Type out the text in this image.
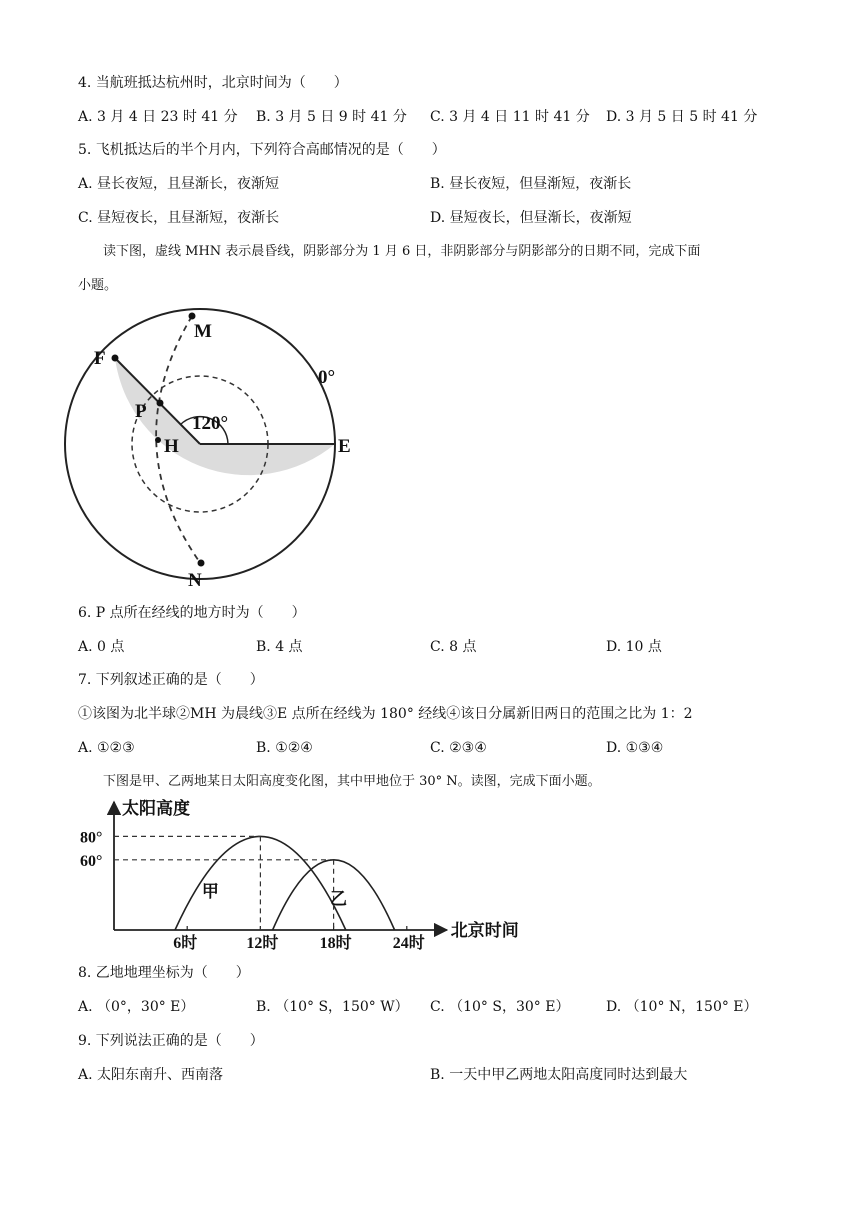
4. 当航班抵达杭州时，北京时间为（　　）
A. 3 月 4 日 23 时 41 分 B. 3 月 5 日 9 时 41 分 C. 3 月 4 日 11 时 41 分 D. 3 月 5 日 5 时 41 分
5. 飞机抵达后的半个月内，下列符合高邮情况的是（　　）
A. 昼长夜短，且昼渐长，夜渐短	B. 昼长夜短，但昼渐短，夜渐长
C. 昼短夜长，且昼渐短，夜渐长	D. 昼短夜长，但昼渐长，夜渐短
读下图，虚线 MHN 表示晨昏线，阴影部分为 1 月 6 日，非阴影部分与阴影部分的日期不同，完成下面
小题。
M
F
P
H	E
N
0°
120°
6. P 点所在经线的地方时为（　　）
A. 0 点	B. 4 点	C. 8 点	D. 10 点
7. 下列叙述正确的是（　　）
①该图为北半球②MH 为晨线③E 点所在经线为 180° 经线④该日分属新旧两日的范围之比为 1：2
A. ①②③	B. ①②④	C. ②③④	D. ①③④
下图是甲、乙两地某日太阳高度变化图，其中甲地位于 30° N。读图，完成下面小题。
太阳高度
北京时间
6时	12时	18时	24时
80°
60°
甲	乙
8. 乙地地理坐标为（　　）
A. （0°，30° E）	B. （10° S，150° W） C. （10° S，30° E）	D. （10° N，150° E）
9. 下列说法正确的是（　　）
A. 太阳东南升、西南落	B. 一天中甲乙两地太阳高度同时达到最大
